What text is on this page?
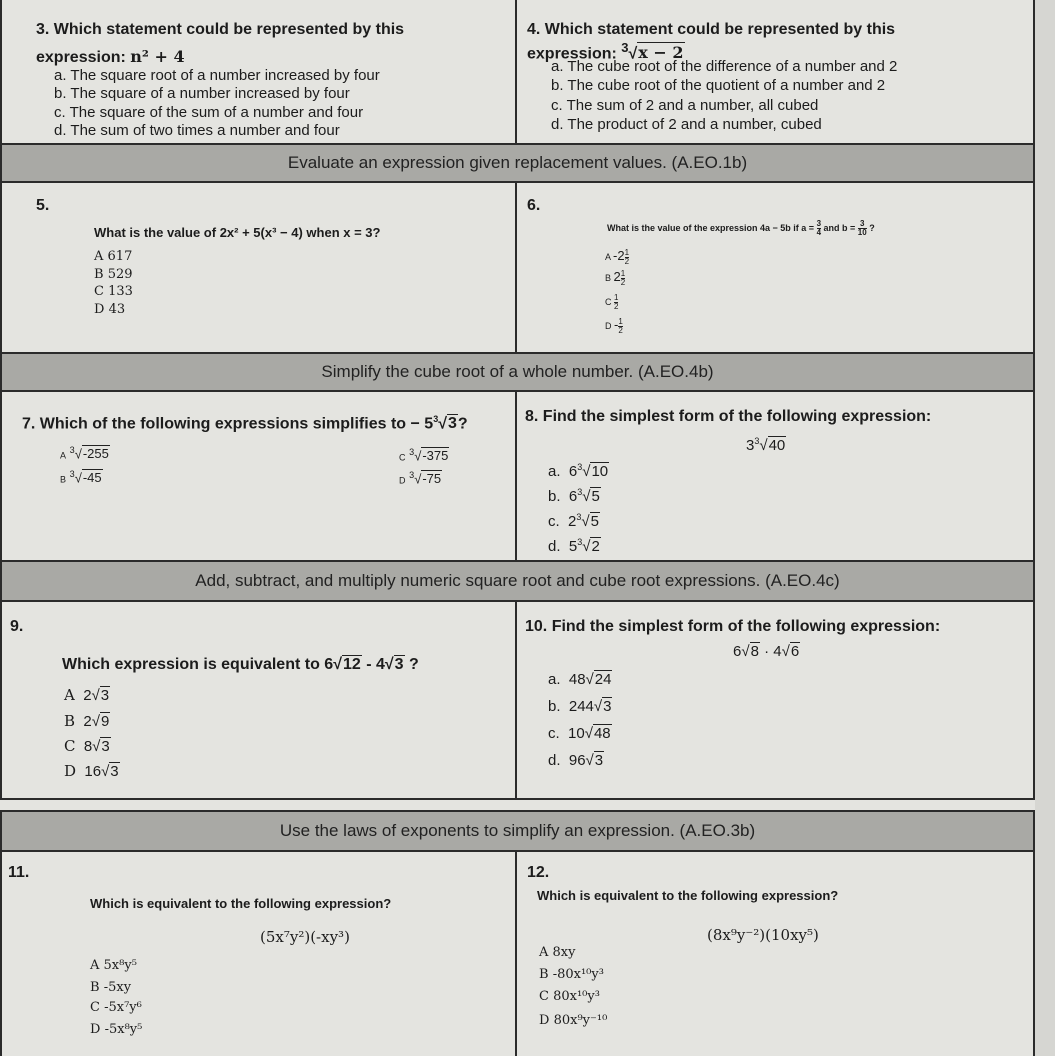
3. Which statement could be represented by this
expression: n² + 4
a. The square root of a number increased by four
b. The square of a number increased by four
c. The square of the sum of a number and four
d. The sum of two times a number and four
4. Which statement could be represented by this
expression: $^3$√x − 2
a. The cube root of the difference of a number and 2
b. The cube root of the quotient of a number and 2
c. The sum of 2 and a number, all cubed
d. The product of 2 and a number, cubed
Evaluate an expression given replacement values. (A.EO.1b)
5.
What is the value of 2x² + 5(x³ − 4) when x = 3?
A 617
B 529
C 133
D 43
6.
What is the value of the expression 4a − 5b if $a = \frac{3}{4}$ and $b = \frac{3}{10}$ ?
A $-2 \frac{1}{2}$
B $2 \frac{1}{2}$
C $\frac{1}{2}$
D - $\frac{1}{2}$
Simplify the cube root of a whole number. (A.EO.4b)
7. Which of the following expressions simplifies to − $5^3√3$?
A $^3$√-255
B $^3$√-45
C $^3$√-375
D $^3$√-75
8. Find the simplest form of the following expression:
$3^3√40$
a. $6^3√10$
b. $6^3√5$
c. $2^3√5$
d. $5^3√2$
Add, subtract, and multiply numeric square root and cube root expressions. (A.EO.4c)
9.
Which expression is equivalent to 6√12 - 4√3 ?
A 2√3
B 2√9
C 8√3
D 16√3
10. Find the simplest form of the following expression:
6√8 · 4√6
a. 48√24
b. 244√3
c. 10√48
d. 96√3
Use the laws of exponents to simplify an expression. (A.EO.3b)
11.
Which is equivalent to the following expression?
(5x⁷y²)(-xy³)
A 5x⁸y⁵
B -5xy
C -5x⁷y⁶
D -5x⁸y⁵
12.
Which is equivalent to the following expression?
(8x⁹y⁻²)(10xy⁵)
A 8xy
B -80x¹⁰y³
C 80x¹⁰y³
D 80x⁹y⁻¹⁰
